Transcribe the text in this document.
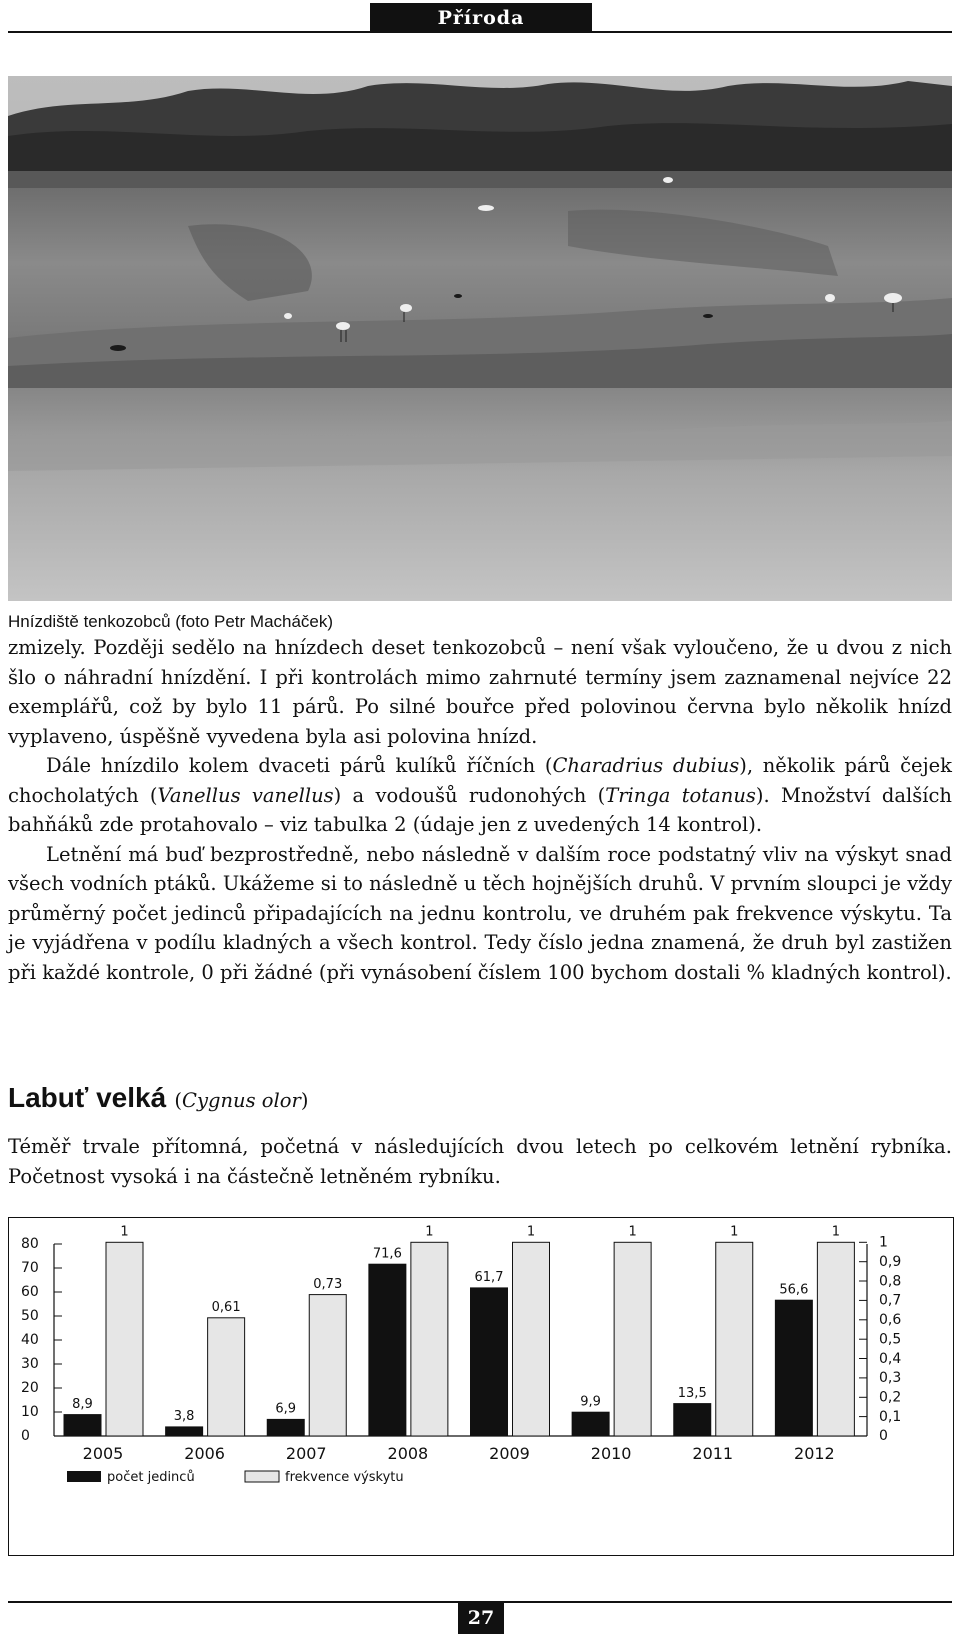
Příroda
Hnízdiště tenkozobců (foto Petr Macháček)

zmizely. Později sedělo na hnízdech deset tenkozobců – není však vyloučeno, že u dvou z nich šlo o náhradní hnízdění. I při kontrolách mimo zahrnuté termíny jsem zaznamenal nejvíce 22 exemplářů, což by bylo 11 párů. Po silné bouřce před polovinou června bylo několik hnízd vyplaveno, úspěšně vyvedena byla asi polovina hnízd.

Dále hnízdilo kolem dvaceti párů kulíků říčních (Charadrius dubius), několik párů čejek chocholatých (Vanellus vanellus) a vodoušů rudonohých (Tringa totanus). Množství dalších bahňáků zde protahovalo – viz tabulka 2 (údaje jen z uvedených 14 kontrol).

Letnění má buď bezprostředně, nebo následně v dalším roce podstatný vliv na výskyt snad všech vodních ptáků. Ukážeme si to následně u těch hojnějších druhů. V prvním sloupci je vždy průměrný počet jedinců připadajících na jednu kontrolu, ve druhém pak frekvence výskytu. Ta je vyjádřena v podílu kladných a všech kontrol. Tedy číslo jedna znamená, že druh byl zastižen při každé kontrole, 0 při žádné (při vynásobení číslem 100 bychom dostali % kladných kontrol).

Labuť velká (Cygnus olor)

Téměř trvale přítomná, početná v následujících dvou letech po celkovém letnění rybníka. Početnost vysoká i na částečně letněném rybníku.

0
10
20
30
40
50
60
70
80
0
0,1
0,2
0,3
0,4
0,5
0,6
0,7
0,8
0,9
1
8,9
1
2005
3,8
0,61
2006
6,9
0,73
2007
71,6
1
2008
61,7
1
2009
9,9
1
2010
13,5
1
2011
56,6
1
2012
počet jedinců	frekvence výskytu
27
